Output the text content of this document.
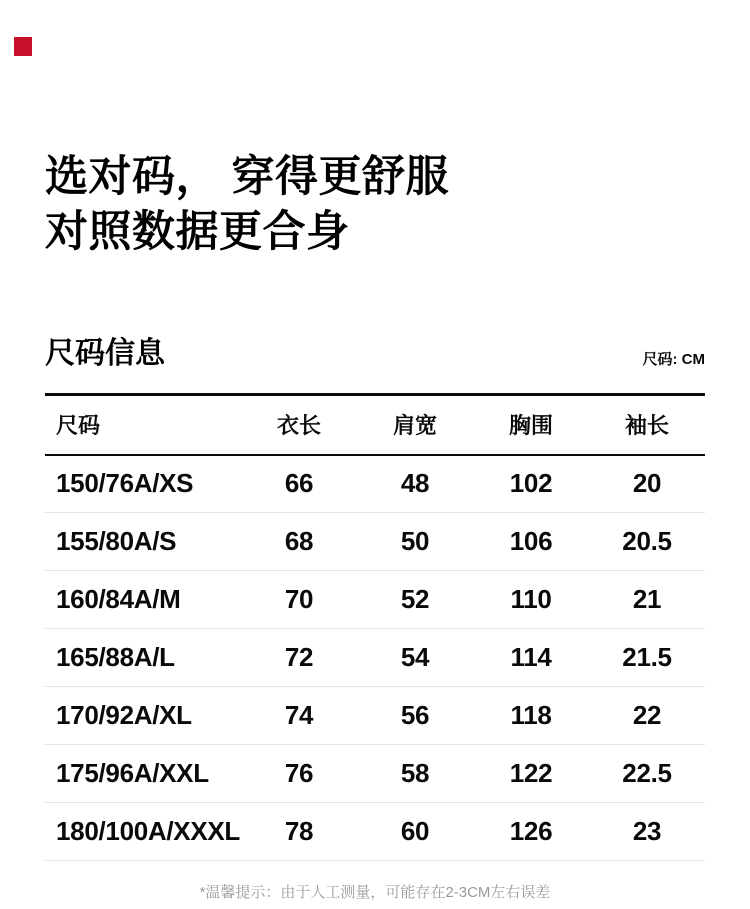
选对码， 穿得更舒服
对照数据更合身
尺码信息	尺码: CM
尺码	衣长	肩宽	胸围	袖长
150/76A/XS	66	48	102	20
155/80A/S	68	50	106	20.5
160/84A/M	70	52	110	21
165/88A/L	72	54	114	21.5
170/92A/XL	74	56	118	22
175/96A/XXL	76	58	122	22.5
180/100A/XXXL	78	60	126	23

*温馨提示：由于人工测量，可能存在2-3CM左右误差
